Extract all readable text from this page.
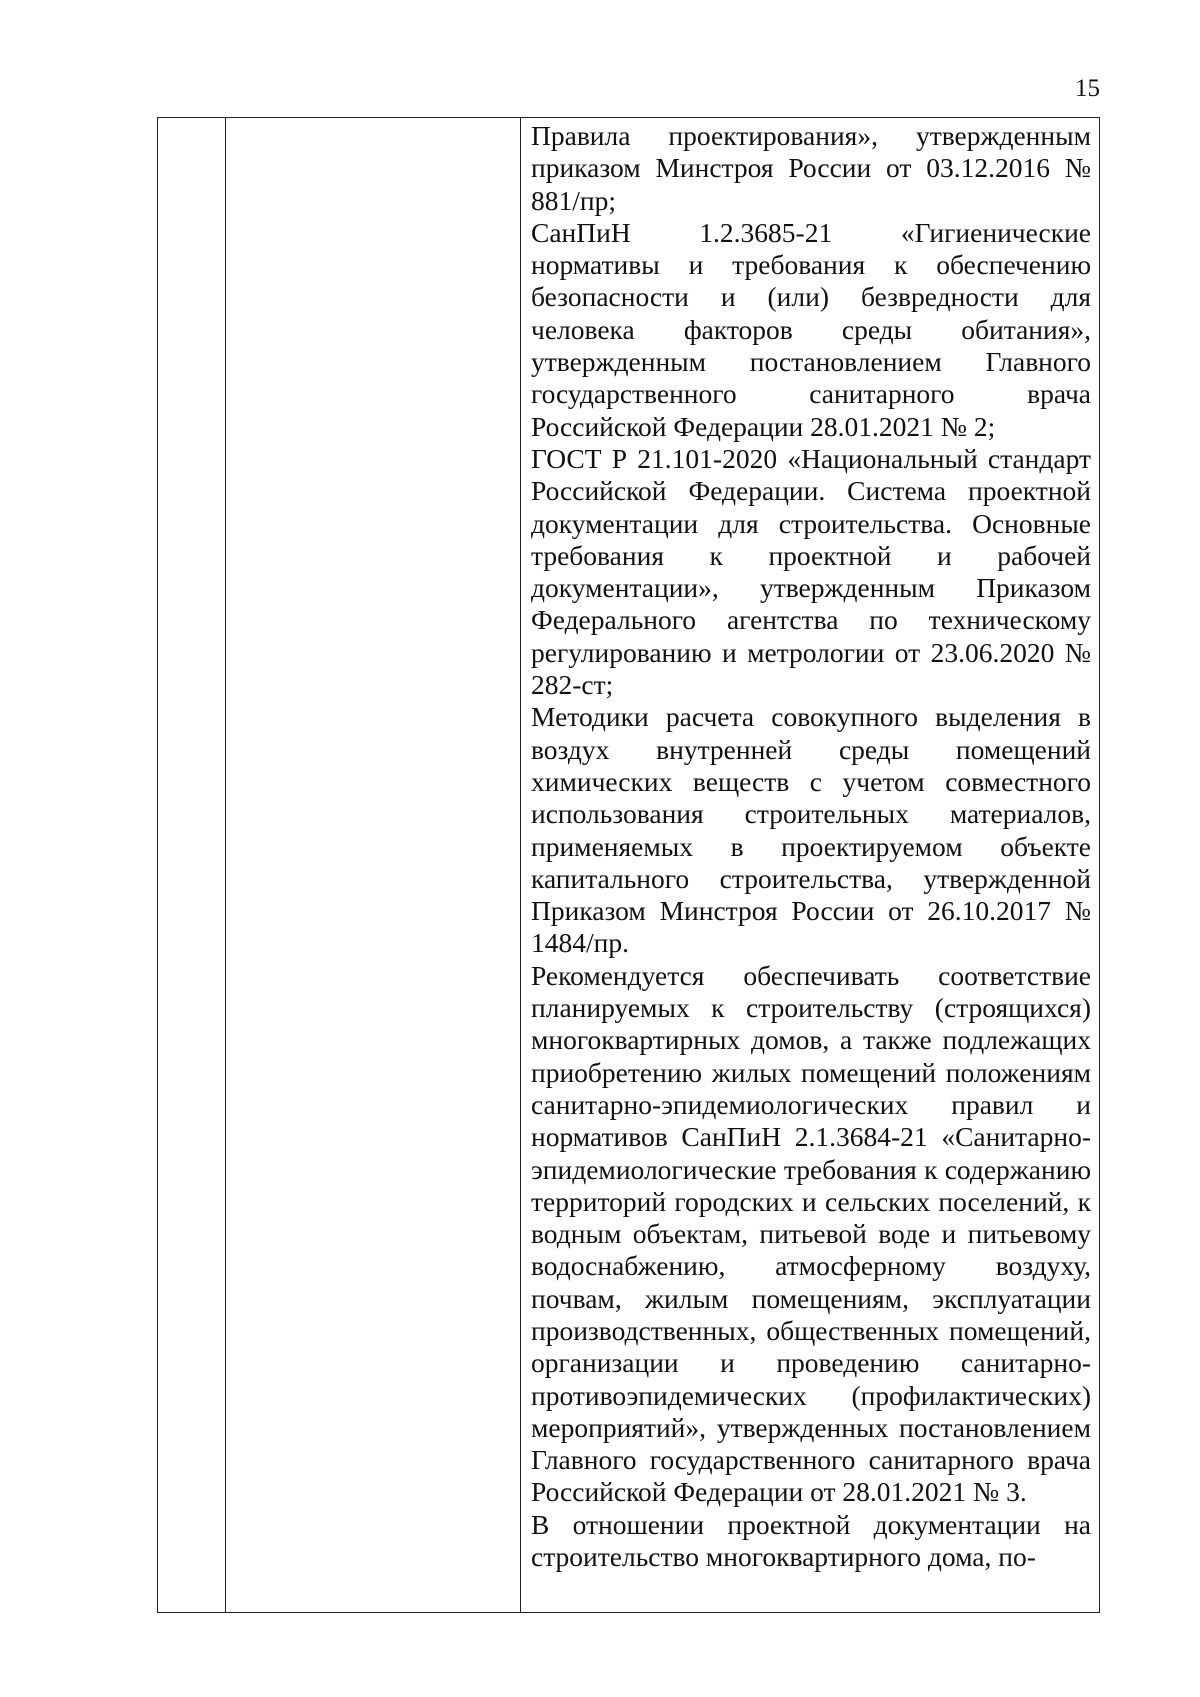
15

Правила проектирования», утвержденным приказом Минстроя России от 03.12.2016 № 881/пр;

СанПиН 1.2.3685-21 «Гигиенические нормативы и требования к обеспечению безопасности и (или) безвредности для человека факторов среды обитания», утвержденным постановлением Главного государственного санитарного врача Российской Федерации 28.01.2021 № 2;

ГОСТ Р 21.101-2020 «Национальный стандарт Российской Федерации. Система проектной документации для строительства. Основные требования к проектной и рабочей документации», утвержденным Приказом Федерального агентства по техническому регулированию и метрологии от 23.06.2020 № 282-ст;

Методики расчета совокупного выделения в воздух внутренней среды помещений химических веществ с учетом совместного использования строительных материалов, применяемых в проектируемом объекте капитального строительства, утвержденной Приказом Минстроя России от 26.10.2017 № 1484/пр.

Рекомендуется обеспечивать соответствие планируемых к строительству (строящихся) многоквартирных домов, а также подлежащих приобретению жилых помещений положениям санитарно-эпидемиологических правил и нормативов СанПиН 2.1.3684-21 «Санитарно-эпидемиологические требования к содержанию территорий городских и сельских поселений, к водным объектам, питьевой воде и питьевому водоснабжению, атмосферному воздуху, почвам, жилым помещениям, эксплуатации производственных, общественных помещений, организации и проведению санитарно-противоэпидемических (профилактических) мероприятий», утвержденных постановлением Главного государственного санитарного врача Российской Федерации от 28.01.2021 № 3.

В отношении проектной документации на строительство многоквартирного дома, по-
